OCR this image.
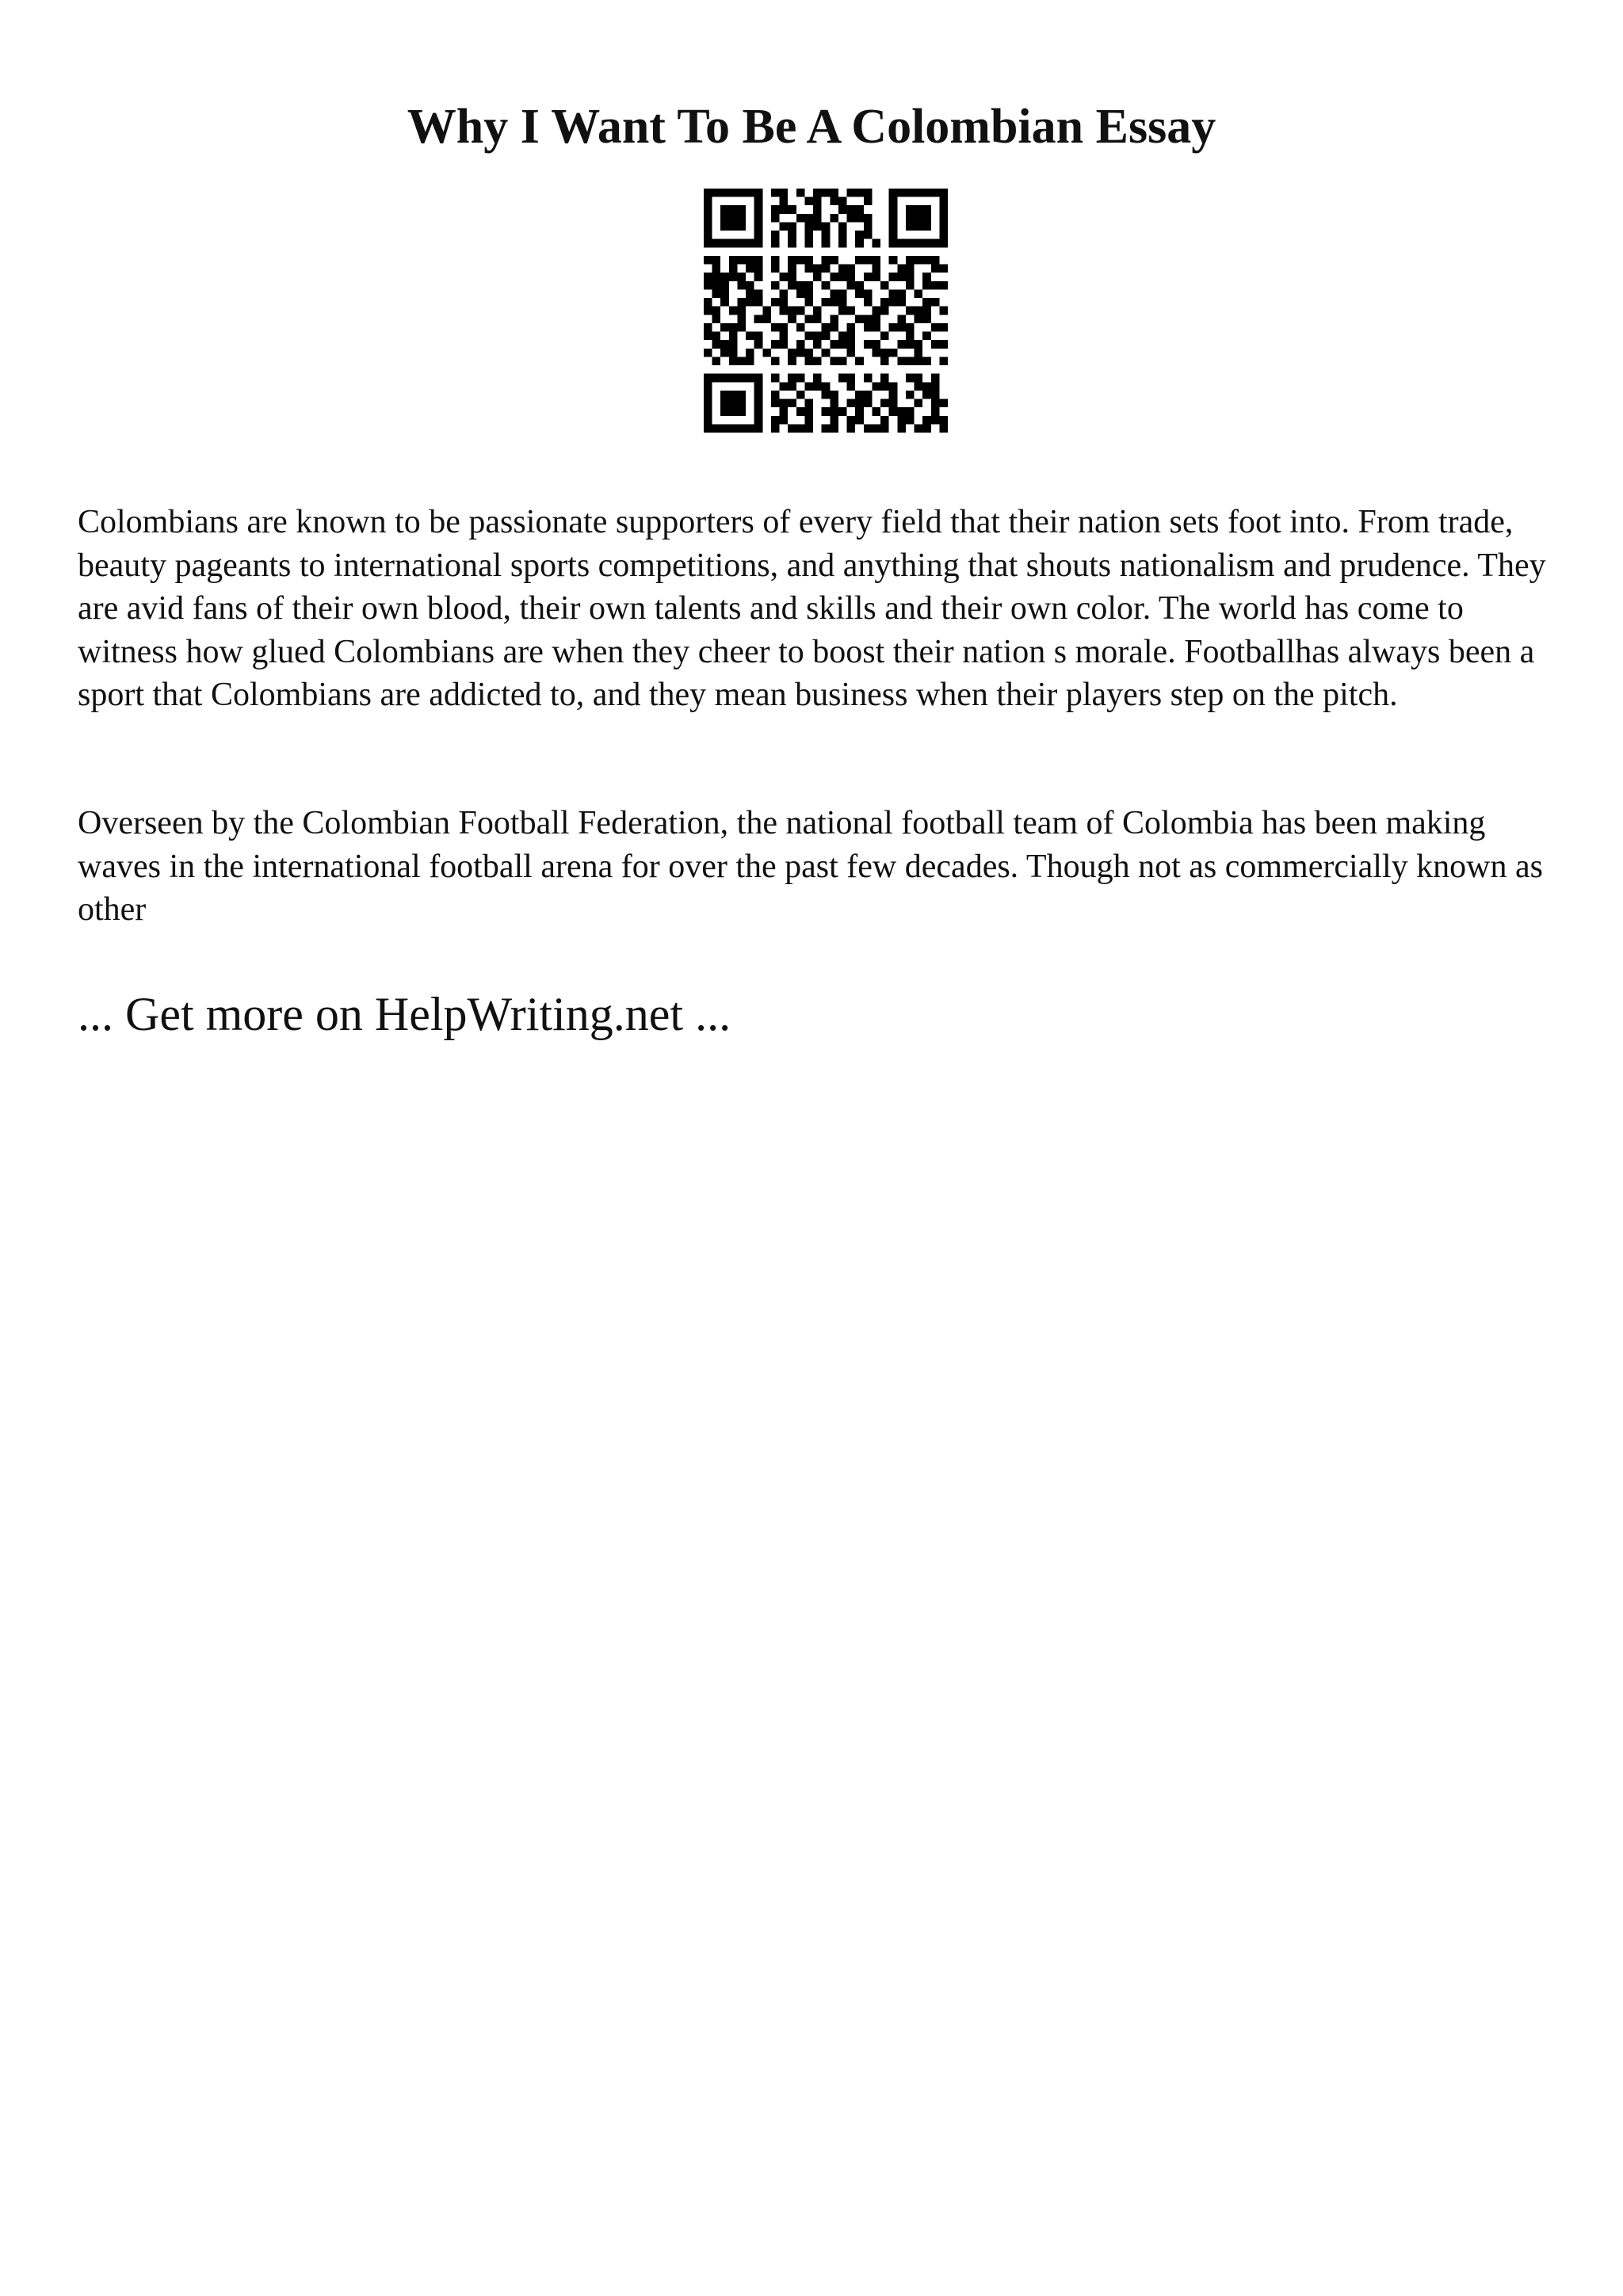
Why I Want To Be A Colombian Essay

Colombians are known to be passionate supporters of every field that their nation sets foot into. From trade, beauty pageants to international sports competitions, and anything that shouts nationalism and prudence. They are avid fans of their own blood, their own talents and skills and their own color. The world has come to witness how glued Colombians are when they cheer to boost their nation s morale. Footballhas always been a sport that Colombians are addicted to, and they mean business when their players step on the pitch.

Overseen by the Colombian Football Federation, the national football team of Colombia has been making waves in the international football arena for over the past few decades. Though not as commercially known as other

... Get more on HelpWriting.net ...
